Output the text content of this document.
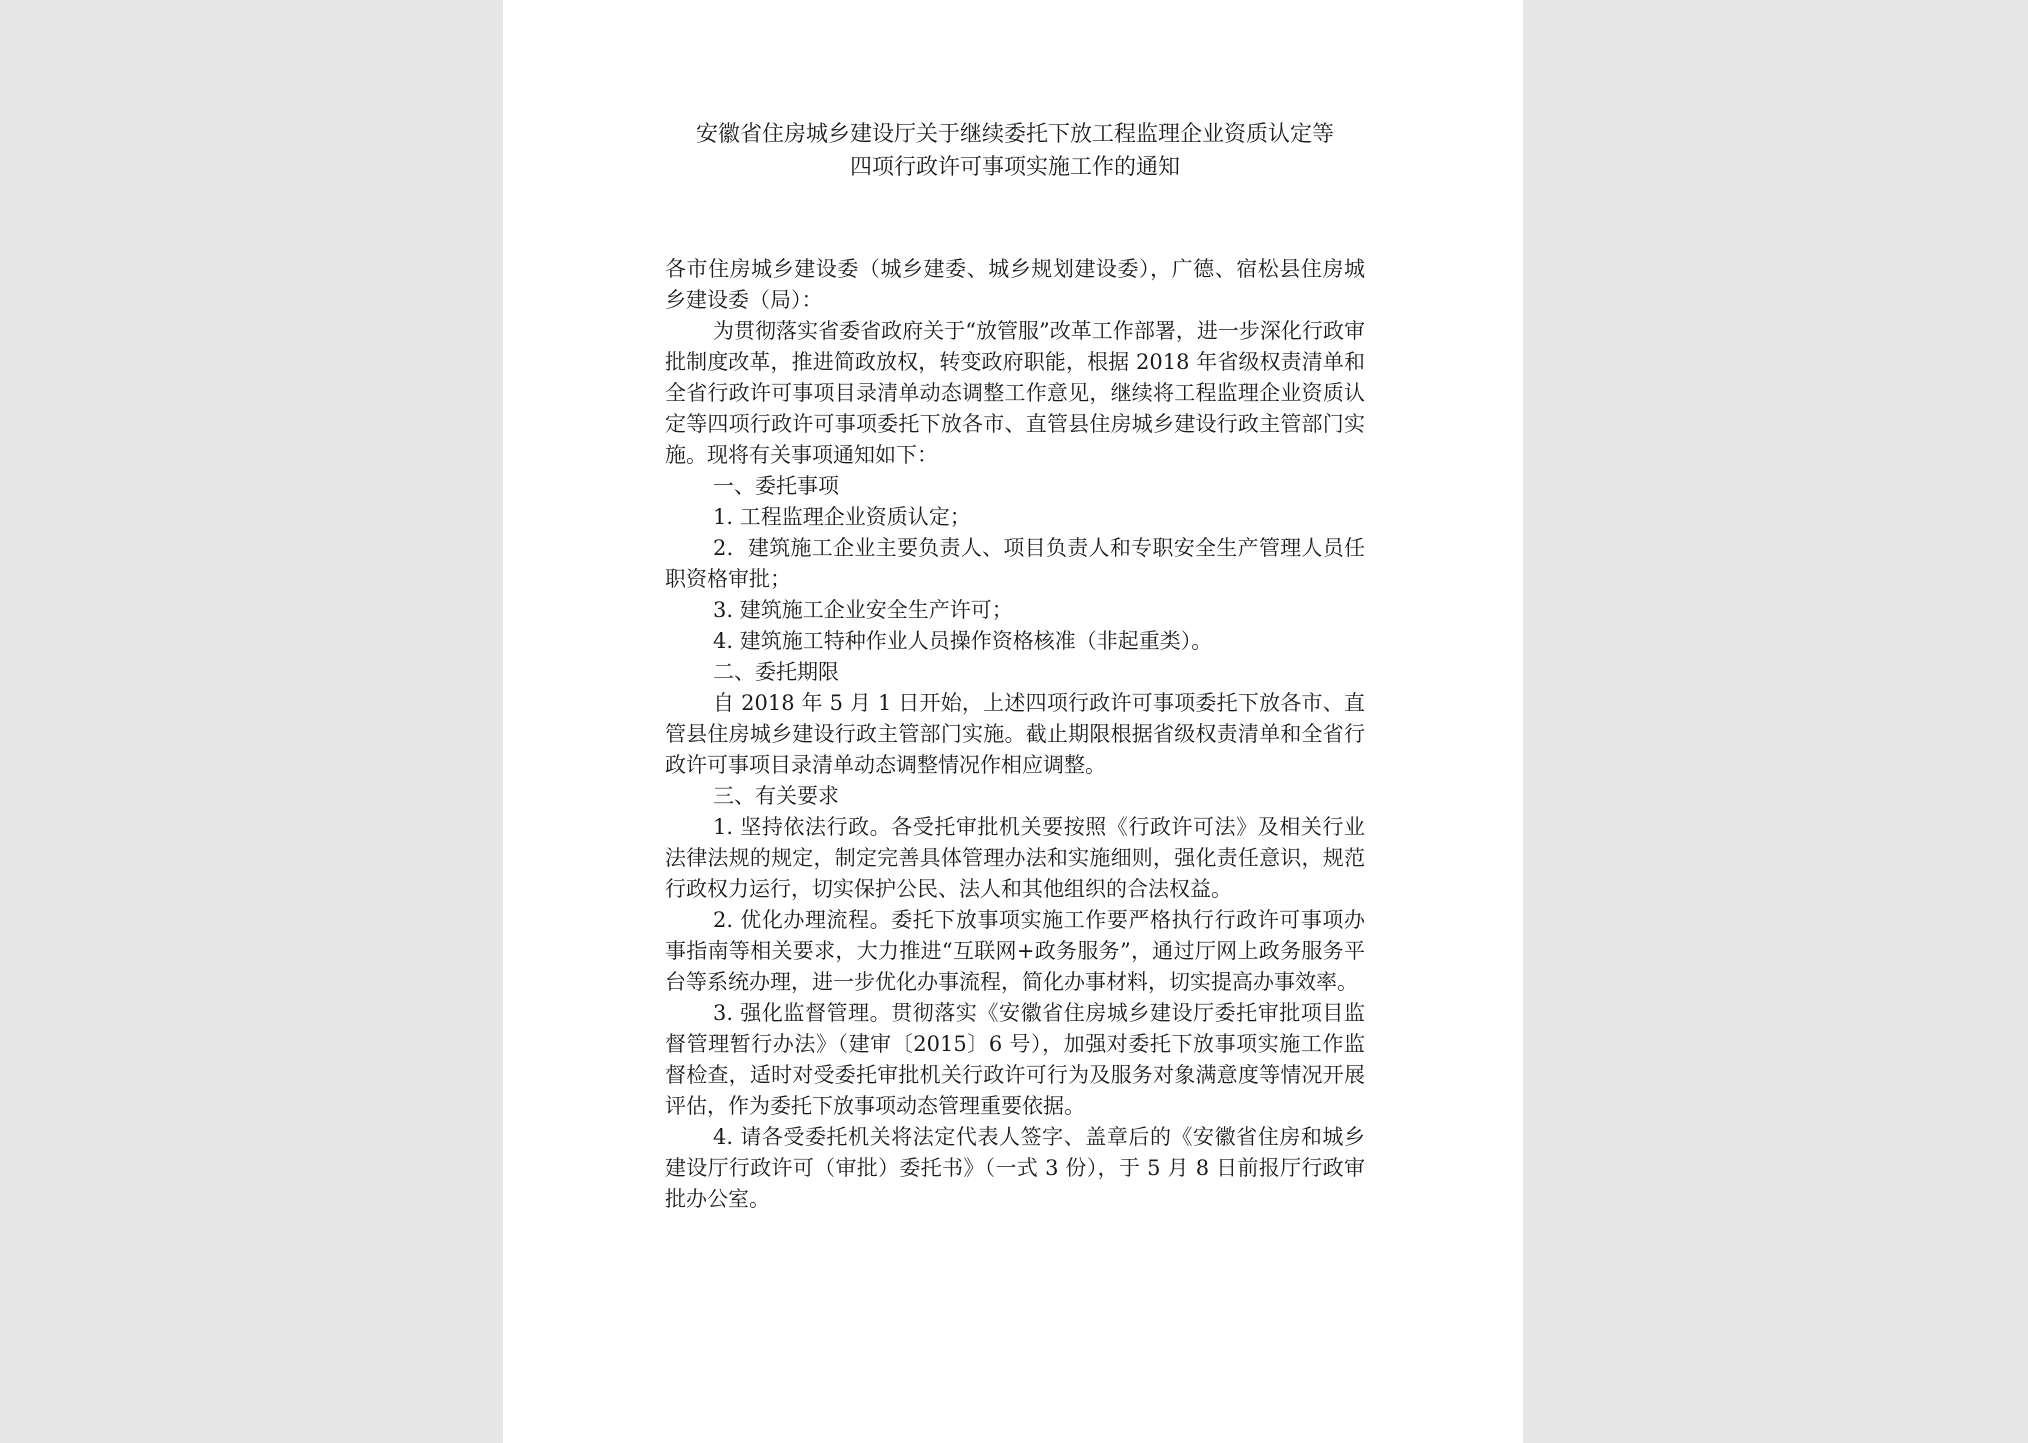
安徽省住房城乡建设厅关于继续委托下放工程监理企业资质认定等
四项行政许可事项实施工作的通知

各市住房城乡建设委（城乡建委、城乡规划建设委），广德、宿松县住房城乡建设委（局）：

为贯彻落实省委省政府关于“放管服”改革工作部署，进一步深化行政审批制度改革，推进简政放权，转变政府职能，根据 2018 年省级权责清单和全省行政许可事项目录清单动态调整工作意见，继续将工程监理企业资质认定等四项行政许可事项委托下放各市、直管县住房城乡建设行政主管部门实施。现将有关事项通知如下：

一、委托事项

1. 工程监理企业资质认定；

2．建筑施工企业主要负责人、项目负责人和专职安全生产管理人员任职资格审批；

3. 建筑施工企业安全生产许可；

4. 建筑施工特种作业人员操作资格核准（非起重类）。

二、委托期限

自 2018 年 5 月 1 日开始，上述四项行政许可事项委托下放各市、直管县住房城乡建设行政主管部门实施。截止期限根据省级权责清单和全省行政许可事项目录清单动态调整情况作相应调整。

三、有关要求

1. 坚持依法行政。各受托审批机关要按照《行政许可法》及相关行业法律法规的规定，制定完善具体管理办法和实施细则，强化责任意识，规范行政权力运行，切实保护公民、法人和其他组织的合法权益。

2. 优化办理流程。委托下放事项实施工作要严格执行行政许可事项办事指南等相关要求，大力推进“互联网+政务服务”，通过厅网上政务服务平台等系统办理，进一步优化办事流程，简化办事材料，切实提高办事效率。

3. 强化监督管理。贯彻落实《安徽省住房城乡建设厅委托审批项目监督管理暂行办法》（建审〔2015〕6 号），加强对委托下放事项实施工作监督检查，适时对受委托审批机关行政许可行为及服务对象满意度等情况开展评估，作为委托下放事项动态管理重要依据。

4. 请各受委托机关将法定代表人签字、盖章后的《安徽省住房和城乡建设厅行政许可（审批）委托书》（一式 3 份），于 5 月 8 日前报厅行政审批办公室。
